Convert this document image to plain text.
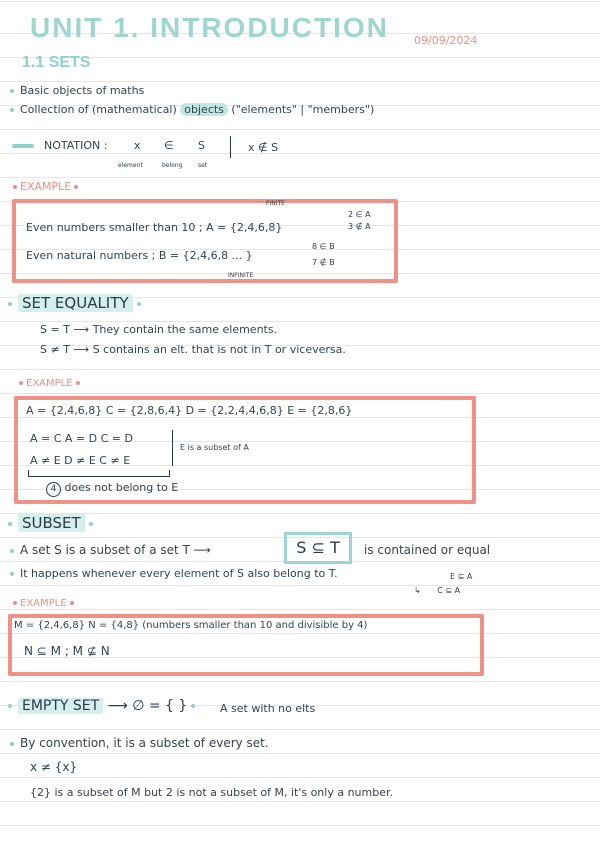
UNIT 1. INTRODUCTION 09/09/2024
1.1 SETS
Basic objects of maths
Collection of (mathematical) objects ("elements" | "members")
NOTATION : x ∈ S
element	belong	set
x ∉ S
EXAMPLE
FINITE
Even numbers smaller than 10 ; A = {2,4,6,8}
Even natural numbers ; B = {2,4,6,8 ... }
INFINITE
2 ∈ A
3 ∉ A
8 ∈ B
7 ∉ B
SET EQUALITY
S = T ⟶ They contain the same elements.
S ≠ T ⟶ S contains an elt. that is not in T or viceversa.
EXAMPLE
A = {2,4,6,8} C = {2,8,6,4} D = {2,2,4,4,6,8} E = {2,8,6}
A = C A = D C = D
A ≠ E D ≠ E C ≠ E
E is a subset of A
4 does not belong to E
SUBSET
A set S is a subset of a set T ⟶	S ⊆ T	is contained or equal
It happens whenever every element of S also belong to T.	E ⊆ A
↳ C ⊆ A
EXAMPLE
M = {2,4,6,8} N = {4,8} (numbers smaller than 10 and divisible by 4)
N ⊆ M ; M ⊈ N
EMPTY SET ⟶ ∅ = { }	A set with no elts
By convention, it is a subset of every set.
x ≠ {x}
{2} is a subset of M but 2 is not a subset of M, it's only a number.
